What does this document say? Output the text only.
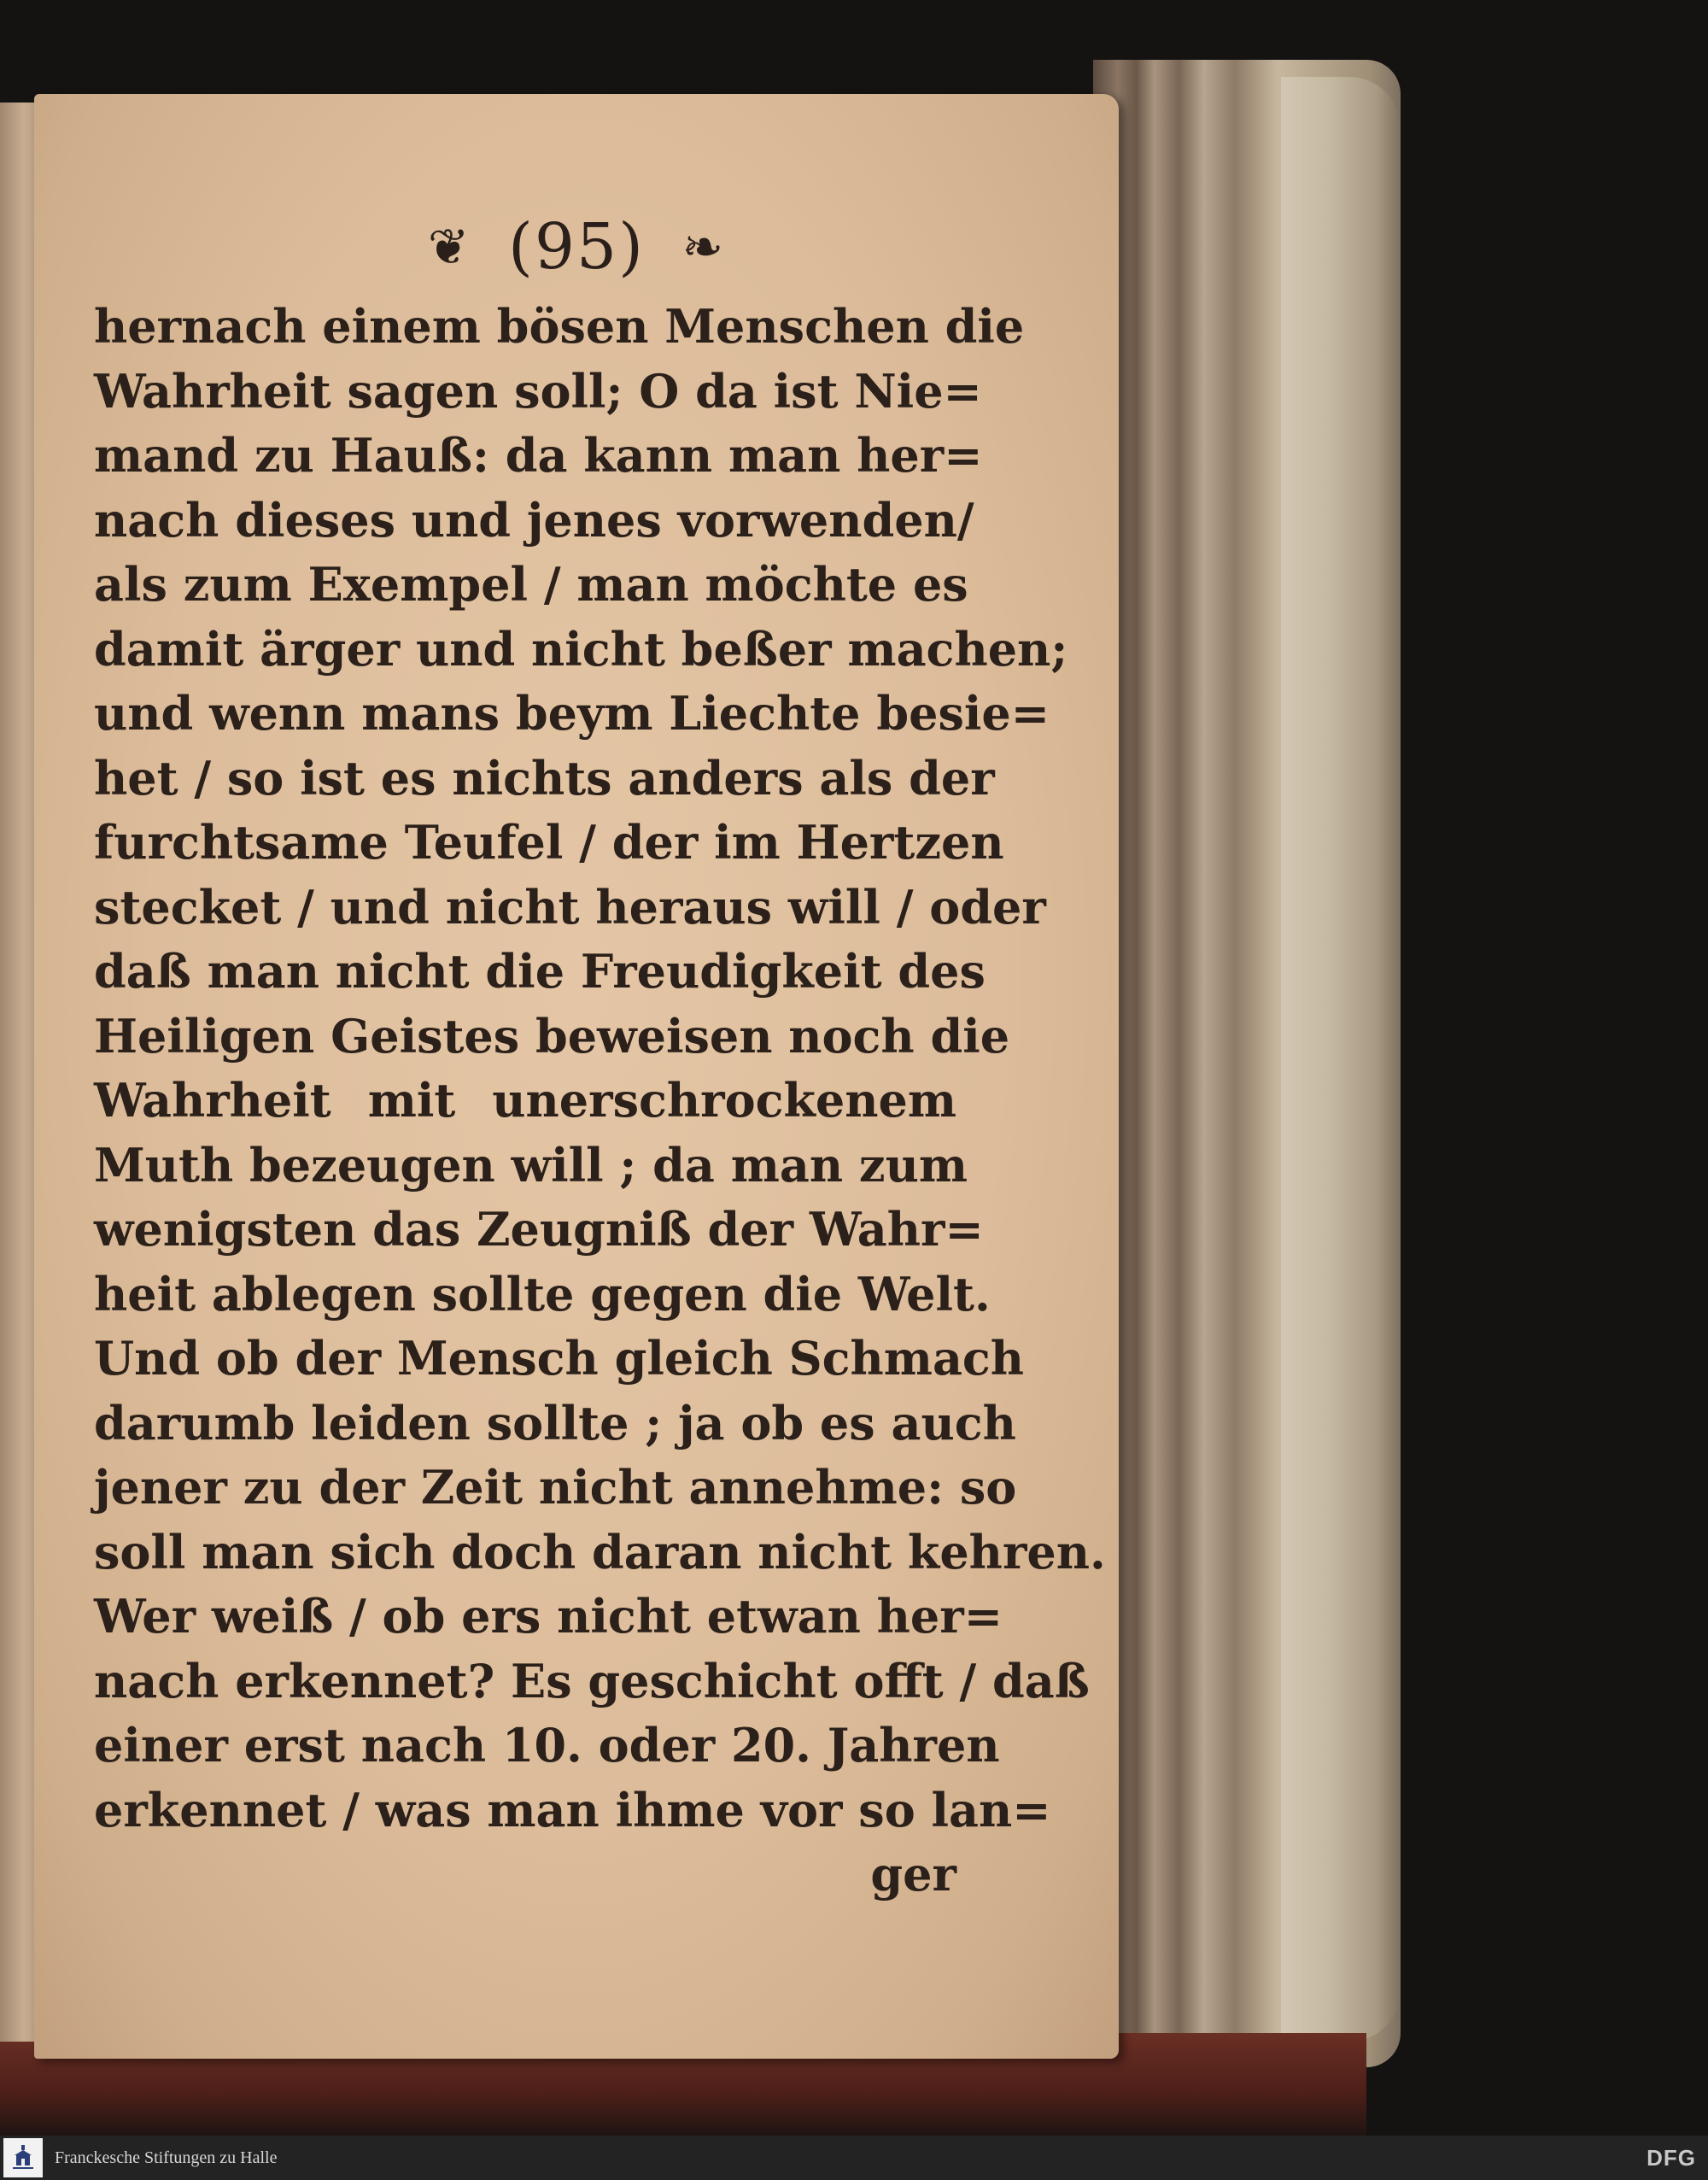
❦ (95) ❧
hernach einem bösen Menschen die
Wahrheit sagen soll; O da ist Nie=
mand zu Hauß: da kann man her=
nach dieses und jenes vorwenden/
als zum Exempel / man möchte es
damit ärger und nicht beßer machen;
und wenn mans beym Liechte besie=
het / so ist es nichts anders als der
furchtsame Teufel / der im Hertzen
stecket / und nicht heraus will / oder
daß man nicht die Freudigkeit des
Heiligen Geistes beweisen noch die
Wahrheit mit unerschrockenem
Muth bezeugen will ; da man zum
wenigsten das Zeugniß der Wahr=
heit ablegen sollte gegen die Welt.
Und ob der Mensch gleich Schmach
darumb leiden sollte ; ja ob es auch
jener zu der Zeit nicht annehme: so
soll man sich doch daran nicht kehren.
Wer weiß / ob ers nicht etwan her=
nach erkennet? Es geschicht offt / daß
einer erst nach 10. oder 20. Jahren
erkennet / was man ihme vor so lan=
ger
Franckesche Stiftungen zu Halle	DFG
